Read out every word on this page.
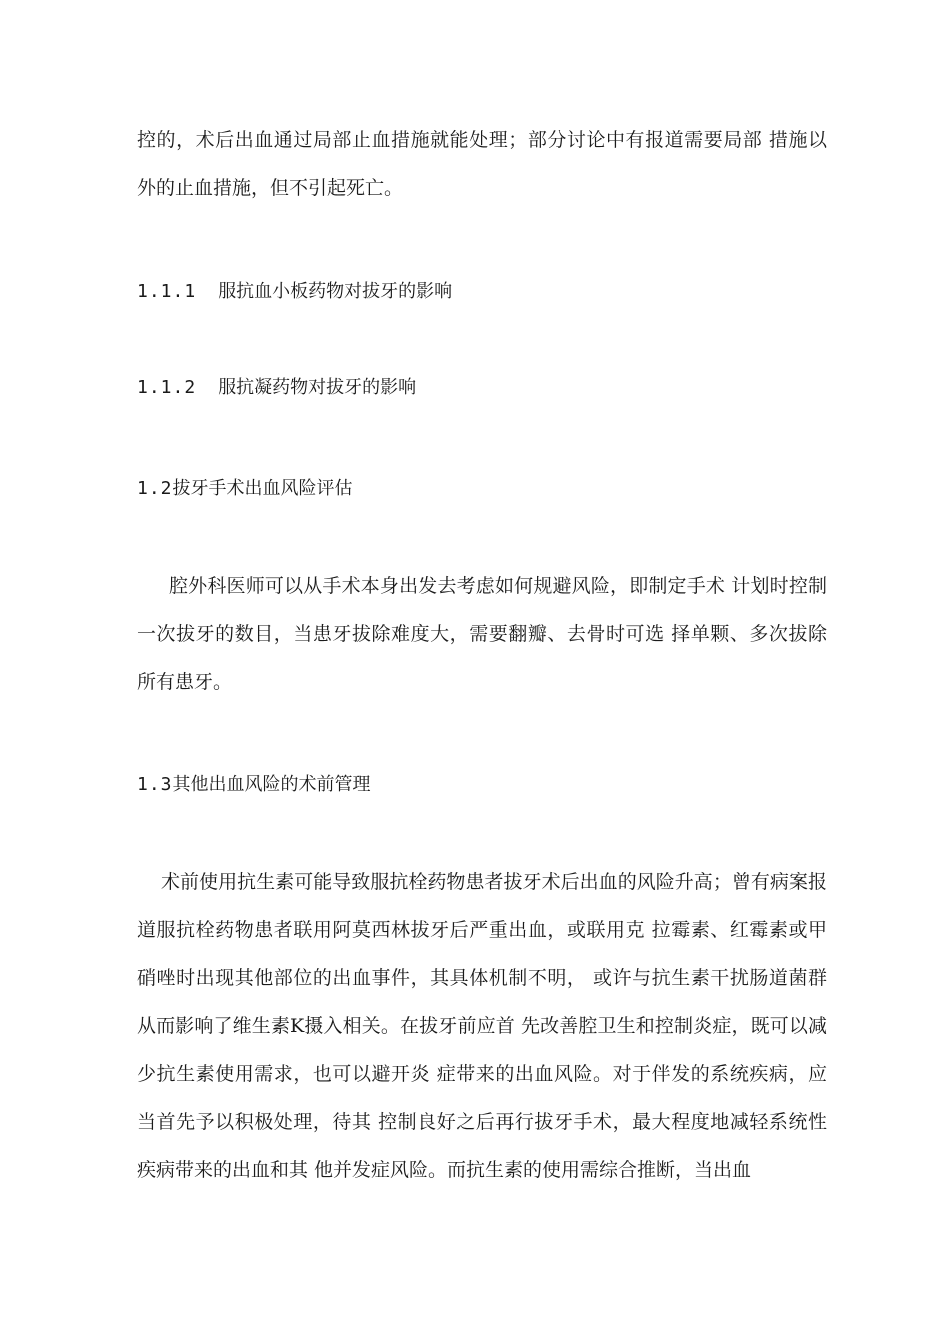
控的，术后出血通过局部止血措施就能处理；部分讨论中有报道需要局部 措施以外的止血措施，但不引起死亡。

1.1.1 服抗血小板药物对拔牙的影响
1.1.2 服抗凝药物对拔牙的影响
1.2拔牙手术出血风险评估

腔外科医师可以从手术本身出发去考虑如何规避风险，即制定手术 计划时控制一次拔牙的数目，当患牙拔除难度大，需要翻瓣、去骨时可选 择单颗、多次拔除所有患牙。

1.3其他出血风险的术前管理

术前使用抗生素可能导致服抗栓药物患者拔牙术后出血的风险升高；曾有病案报道服抗栓药物患者联用阿莫西林拔牙后严重出血，或联用克 拉霉素、红霉素或甲硝唑时出现其他部位的出血事件，其具体机制不明， 或许与抗生素干扰肠道菌群从而影响了维生素K摄入相关。在拔牙前应首 先改善腔卫生和控制炎症，既可以减少抗生素使用需求，也可以避开炎 症带来的出血风险。对于伴发的系统疾病，应当首先予以积极处理，待其 控制良好之后再行拔牙手术，最大程度地减轻系统性疾病带来的出血和其 他并发症风险。而抗生素的使用需综合推断，当出血
